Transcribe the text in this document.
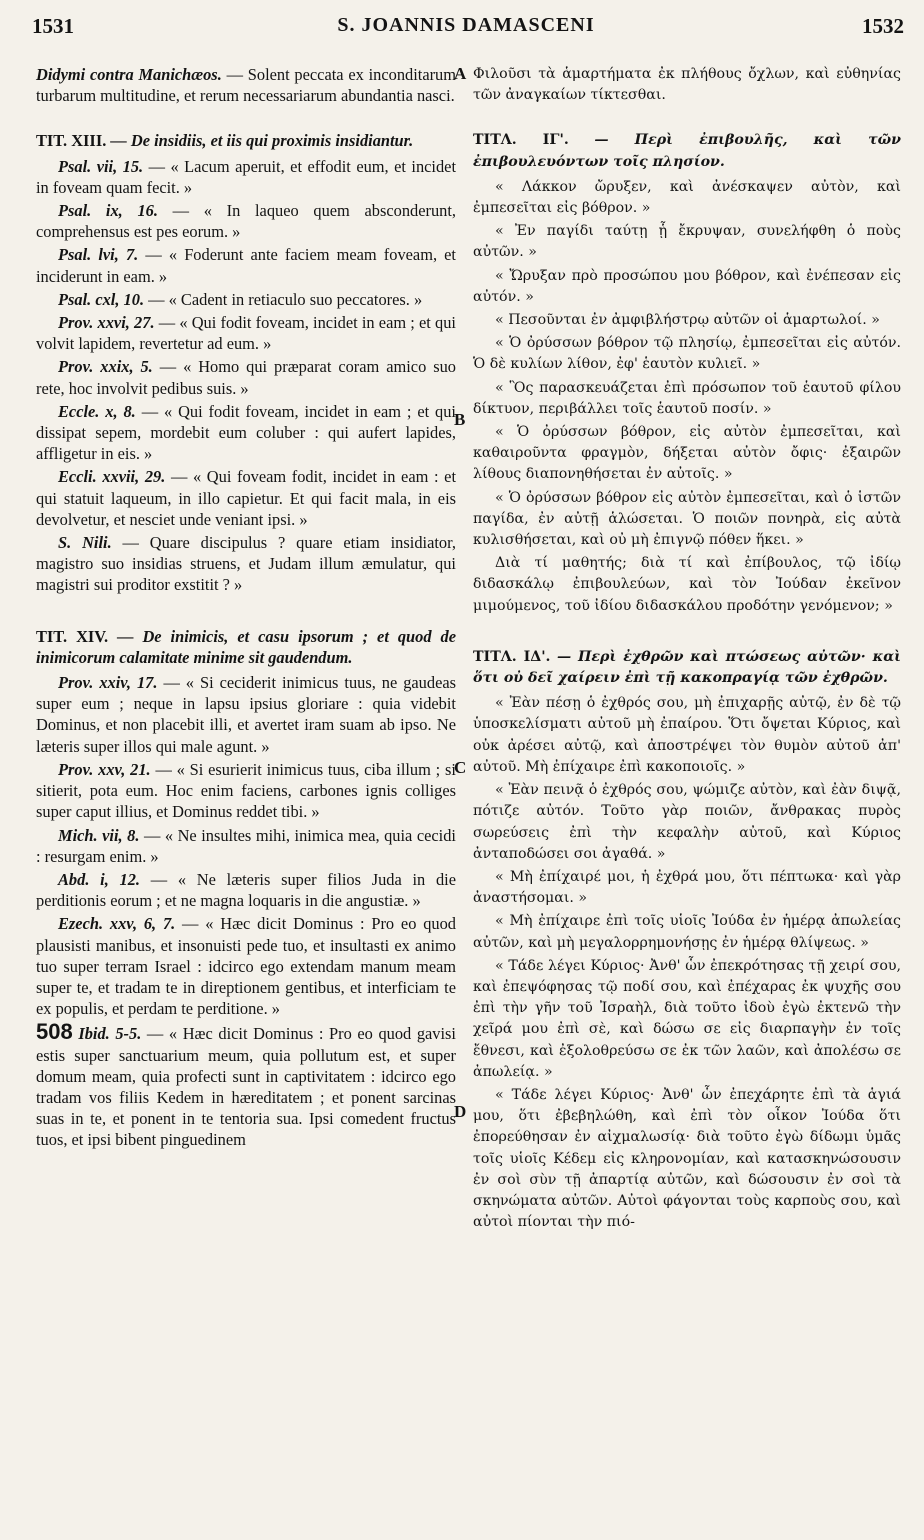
1531	S. JOANNIS DAMASCENI	1532
A
B
C
D

Didymi contra Manichæos. — Solent peccata ex inconditarum turbarum multitudine, et rerum necessariarum abundantia nasci.

TIT. XIII. — De insidiis, et iis qui proximis insidiantur.

Psal. vii, 15. — « Lacum aperuit, et effodit eum, et incidet in foveam quam fecit. »

Psal. ix, 16. — « In laqueo quem absconderunt, comprehensus est pes eorum. »

Psal. lvi, 7. — « Foderunt ante faciem meam foveam, et inciderunt in eam. »

Psal. cxl, 10. — « Cadent in retiaculo suo peccatores. »

Prov. xxvi, 27. — « Qui fodit foveam, incidet in eam ; et qui volvit lapidem, revertetur ad eum. »

Prov. xxix, 5. — « Homo qui præparat coram amico suo rete, hoc involvit pedibus suis. »

Eccle. x, 8. — « Qui fodit foveam, incidet in eam ; et qui dissipat sepem, mordebit eum coluber : qui aufert lapides, affligetur in eis. »

Eccli. xxvii, 29. — « Qui foveam fodit, incidet in eam : et qui statuit laqueum, in illo capietur. Et qui facit mala, in eis devolvetur, et nesciet unde veniant ipsi. »

S. Nili. — Quare discipulus ? quare etiam insidiator, magistro suo insidias struens, et Judam illum æmulatur, qui magistri sui proditor exstitit ? »

TIT. XIV. — De inimicis, et casu ipsorum ; et quod de inimicorum calamitate minime sit gaudendum.

Prov. xxiv, 17. — « Si ceciderit inimicus tuus, ne gaudeas super eum ; neque in lapsu ipsius gloriare : quia videbit Dominus, et non placebit illi, et avertet iram suam ab ipso. Ne læteris super illos qui male agunt. »

Prov. xxv, 21. — « Si esurierit inimicus tuus, ciba illum ; si sitierit, pota eum. Hoc enim faciens, carbones ignis colliges super caput illius, et Dominus reddet tibi. »

Mich. vii, 8. — « Ne insultes mihi, inimica mea, quia cecidi : resurgam enim. »

Abd. i, 12. — « Ne læteris super filios Juda in die perditionis eorum ; et ne magna loquaris in die angustiæ. »

Ezech. xxv, 6, 7. — « Hæc dicit Dominus : Pro eo quod plausisti manibus, et insonuisti pede tuo, et insultasti ex animo tuo super terram Israel : idcirco ego extendam manum meam super te, et tradam te in direptionem gentibus, et interficiam te ex populis, et perdam te perditione. »

508 Ibid. 5-5. — « Hæc dicit Dominus : Pro eo quod gavisi estis super sanctuarium meum, quia pollutum est, et super domum meam, quia profecti sunt in captivitatem : idcirco ego tradam vos filiis Kedem in hæreditatem ; et ponent sarcinas suas in te, et ponent in te tentoria sua. Ipsi comedent fructus tuos, et ipsi bibent pinguedinem

Φιλοῦσι τὰ ἁμαρτήματα ἐκ πλήθους ὄχλων, καὶ εὐθηνίας τῶν ἀναγκαίων τίκτεσθαι.

ΤΙΤΛ. ΙΓ'. — Περὶ ἐπιβουλῆς, καὶ τῶν ἐπιβουλευόντων τοῖς πλησίον.

« Λάκκον ὤρυξεν, καὶ ἀνέσκαψεν αὐτὸν, καὶ ἐμπεσεῖται εἰς βόθρον. »

« Ἐν παγίδι ταύτῃ ᾗ ἔκρυψαν, συνελήφθη ὁ ποὺς αὐτῶν. »

« Ὤρυξαν πρὸ προσώπου μου βόθρον, καὶ ἐνέπεσαν εἰς αὐτόν. »

« Πεσοῦνται ἐν ἀμφιβλήστρῳ αὐτῶν οἱ ἁμαρτωλοί. »

« Ὁ ὀρύσσων βόθρον τῷ πλησίῳ, ἐμπεσεῖται εἰς αὐτόν. Ὁ δὲ κυλίων λίθον, ἐφ' ἑαυτὸν κυλιεῖ. »

« Ὃς παρασκευάζεται ἐπὶ πρόσωπον τοῦ ἑαυτοῦ φίλου δίκτυον, περιβάλλει τοῖς ἑαυτοῦ ποσίν. »

« Ὁ ὀρύσσων βόθρον, εἰς αὐτὸν ἐμπεσεῖται, καὶ καθαιροῦντα φραγμὸν, δήξεται αὐτὸν ὄφις· ἐξαιρῶν λίθους διαπονηθήσεται ἐν αὐτοῖς. »

« Ὁ ὀρύσσων βόθρον εἰς αὐτὸν ἐμπεσεῖται, καὶ ὁ ἱστῶν παγίδα, ἐν αὐτῇ ἁλώσεται. Ὁ ποιῶν πονηρὰ, εἰς αὐτὰ κυλισθήσεται, καὶ οὐ μὴ ἐπιγνῷ πόθεν ἥκει. »

Διὰ τί μαθητής; διὰ τί καὶ ἐπίβουλος, τῷ ἰδίῳ διδασκάλῳ ἐπιβουλεύων, καὶ τὸν Ἰούδαν ἐκεῖνον μιμούμενος, τοῦ ἰδίου διδασκάλου προδότην γενόμενον; »

ΤΙΤΛ. ΙΔ'. — Περὶ ἐχθρῶν καὶ πτώσεως αὐτῶν· καὶ ὅτι οὐ δεῖ χαίρειν ἐπὶ τῇ κακοπραγίᾳ τῶν ἐχθρῶν.

« Ἐὰν πέσῃ ὁ ἐχθρός σου, μὴ ἐπιχαρῇς αὐτῷ, ἐν δὲ τῷ ὑποσκελίσματι αὐτοῦ μὴ ἐπαίρου. Ὅτι ὄψεται Κύριος, καὶ οὐκ ἀρέσει αὐτῷ, καὶ ἀποστρέψει τὸν θυμὸν αὐτοῦ ἀπ' αὐτοῦ. Μὴ ἐπίχαιρε ἐπὶ κακοποιοῖς. »

« Ἐὰν πεινᾷ ὁ ἐχθρός σου, ψώμιζε αὐτὸν, καὶ ἐὰν διψᾷ, πότιζε αὐτόν. Τοῦτο γὰρ ποιῶν, ἄνθρακας πυρὸς σωρεύσεις ἐπὶ τὴν κεφαλὴν αὐτοῦ, καὶ Κύριος ἀνταποδώσει σοι ἀγαθά. »

« Μὴ ἐπίχαιρέ μοι, ἡ ἐχθρά μου, ὅτι πέπτωκα· καὶ γὰρ ἀναστήσομαι. »

« Μὴ ἐπίχαιρε ἐπὶ τοῖς υἱοῖς Ἰούδα ἐν ἡμέρᾳ ἀπωλείας αὐτῶν, καὶ μὴ μεγαλορρημονήσῃς ἐν ἡμέρᾳ θλίψεως. »

« Τάδε λέγει Κύριος· Ἀνθ' ὧν ἐπεκρότησας τῇ χειρί σου, καὶ ἐπεψόφησας τῷ ποδί σου, καὶ ἐπέχαρας ἐκ ψυχῆς σου ἐπὶ τὴν γῆν τοῦ Ἰσραὴλ, διὰ τοῦτο ἰδοὺ ἐγὼ ἐκτενῶ τὴν χεῖρά μου ἐπὶ σὲ, καὶ δώσω σε εἰς διαρπαγὴν ἐν τοῖς ἔθνεσι, καὶ ἐξολοθρεύσω σε ἐκ τῶν λαῶν, καὶ ἀπολέσω σε ἀπωλείᾳ. »

« Τάδε λέγει Κύριος· Ἀνθ' ὧν ἐπεχάρητε ἐπὶ τὰ ἁγιά μου, ὅτι ἐβεβηλώθη, καὶ ἐπὶ τὸν οἶκον Ἰούδα ὅτι ἐπορεύθησαν ἐν αἰχμαλωσίᾳ· διὰ τοῦτο ἐγὼ δίδωμι ὑμᾶς τοῖς υἱοῖς Κέδεμ εἰς κληρονομίαν, καὶ κατασκηνώσουσιν ἐν σοὶ σὺν τῇ ἀπαρτίᾳ αὐτῶν, καὶ δώσουσιν ἐν σοὶ τὰ σκηνώματα αὐτῶν. Αὐτοὶ φάγονται τοὺς καρποὺς σου, καὶ αὐτοὶ πίονται τὴν πιό-
